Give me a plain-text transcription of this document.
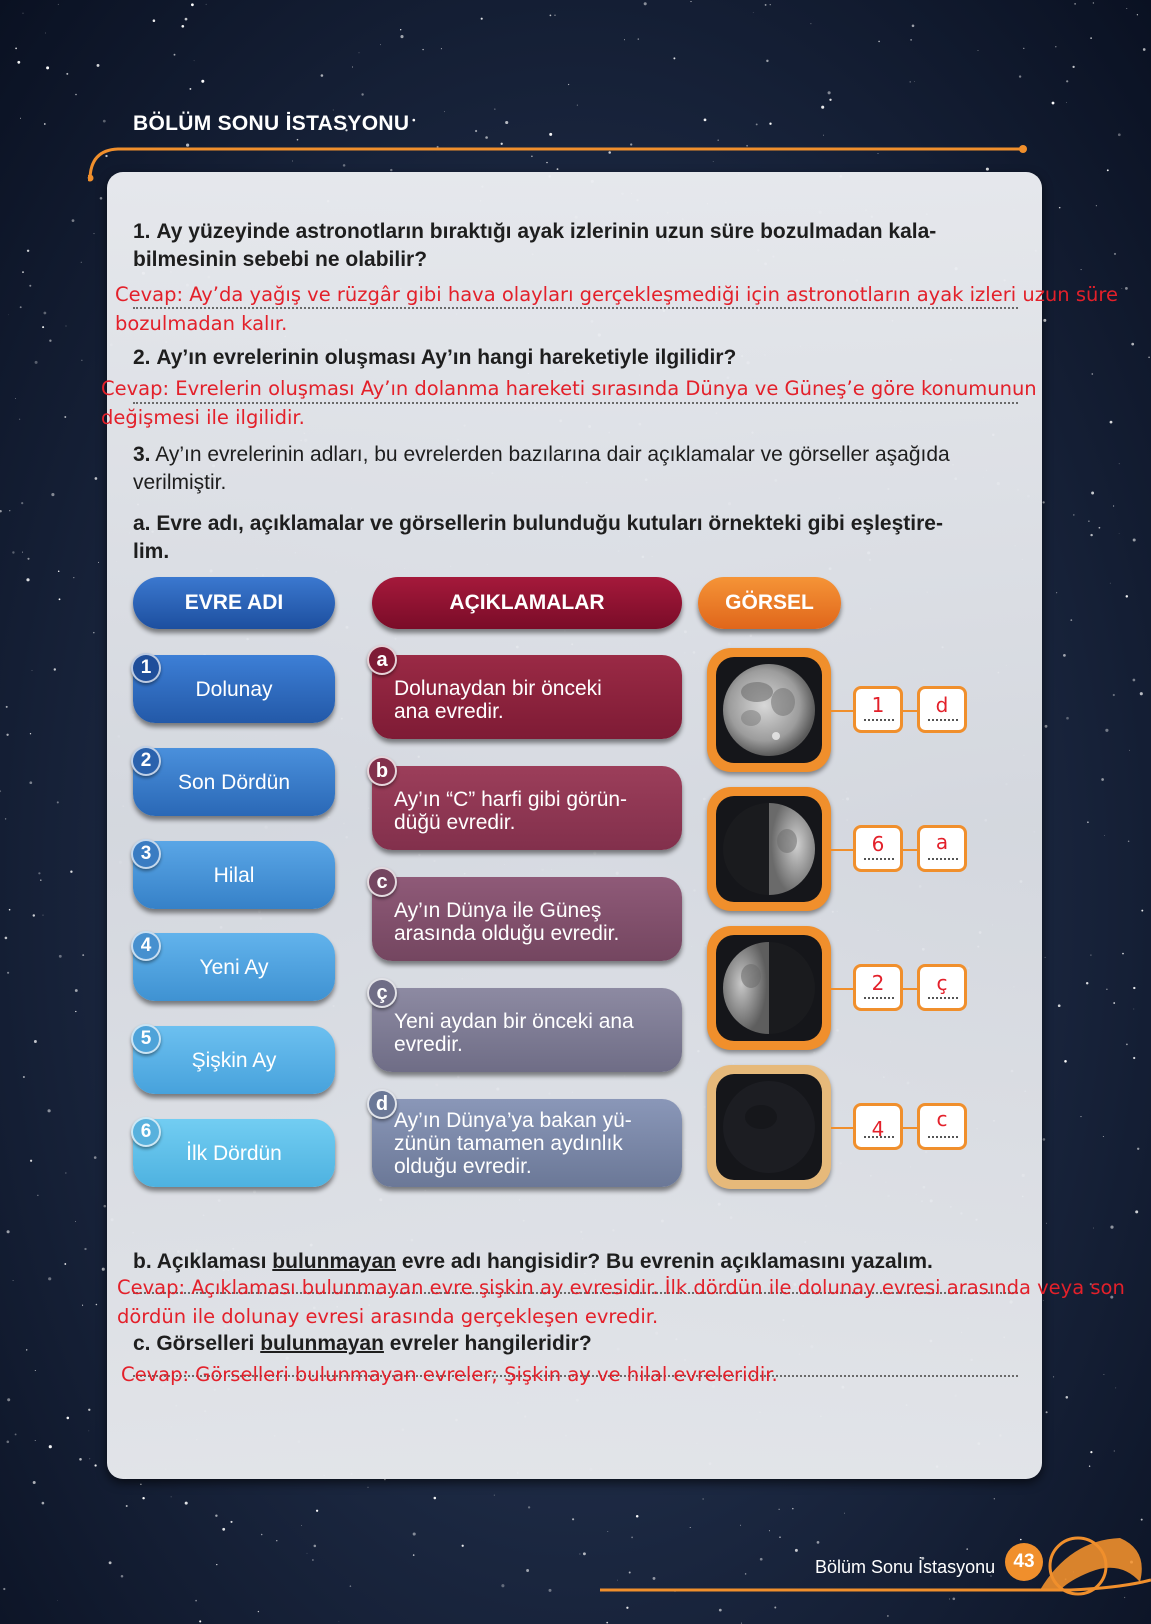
BÖLÜM SONU İSTASYONU
1. Ay yüzeyinde astronotların bıraktığı ayak izlerinin uzun süre bozulmadan kala-
bilmesinin sebebi ne olabilir?
Cevap: Ay’da yağış ve rüzgâr gibi hava olayları gerçekleşmediği için astronotların ayak izleri uzun süre
bozulmadan kalır.
2. Ay’ın evrelerinin oluşması Ay’ın hangi hareketiyle ilgilidir?
Cevap: Evrelerin oluşması Ay’ın dolanma hareketi sırasında Dünya ve Güneş’e göre konumunun
değişmesi ile ilgilidir.
3. Ay’ın evrelerinin adları, bu evrelerden bazılarına dair açıklamalar ve görseller aşağıda
verilmiştir.
a. Evre adı, açıklamalar ve görsellerin bulunduğu kutuları örnekteki gibi eşleştire-
lim.
EVRE ADI	AÇIKLAMALAR	GÖRSEL
Dolunay
1
Son Dördün
2
Hilal
3
Yeni Ay
4
Şişkin Ay
5
İlk Dördün
6
Dolunaydan bir önceki
ana evredir.
a
Ay’ın “C” harfi gibi görün-
düğü evredir.
b
Ay’ın Dünya ile Güneş
arasında olduğu evredir.
c
Yeni aydan bir önceki ana
evredir.
ç
Ay’ın Dünya’ya bakan yü-
zünün tamamen aydınlık
olduğu evredir.
d
1	d
6	a
2	ç
4	c
b. Açıklaması bulunmayan evre adı hangisidir? Bu evrenin açıklamasını yazalım.
Cevap: Açıklaması bulunmayan evre şişkin ay evresidir. İlk dördün ile dolunay evresi arasında veya son
dördün ile dolunay evresi arasında gerçekleşen evredir.
c. Görselleri bulunmayan evreler hangileridir?
Cevap: Görselleri bulunmayan evreler; Şişkin ay ve hilal evreleridir.
Bölüm Sonu İstasyonu 43
